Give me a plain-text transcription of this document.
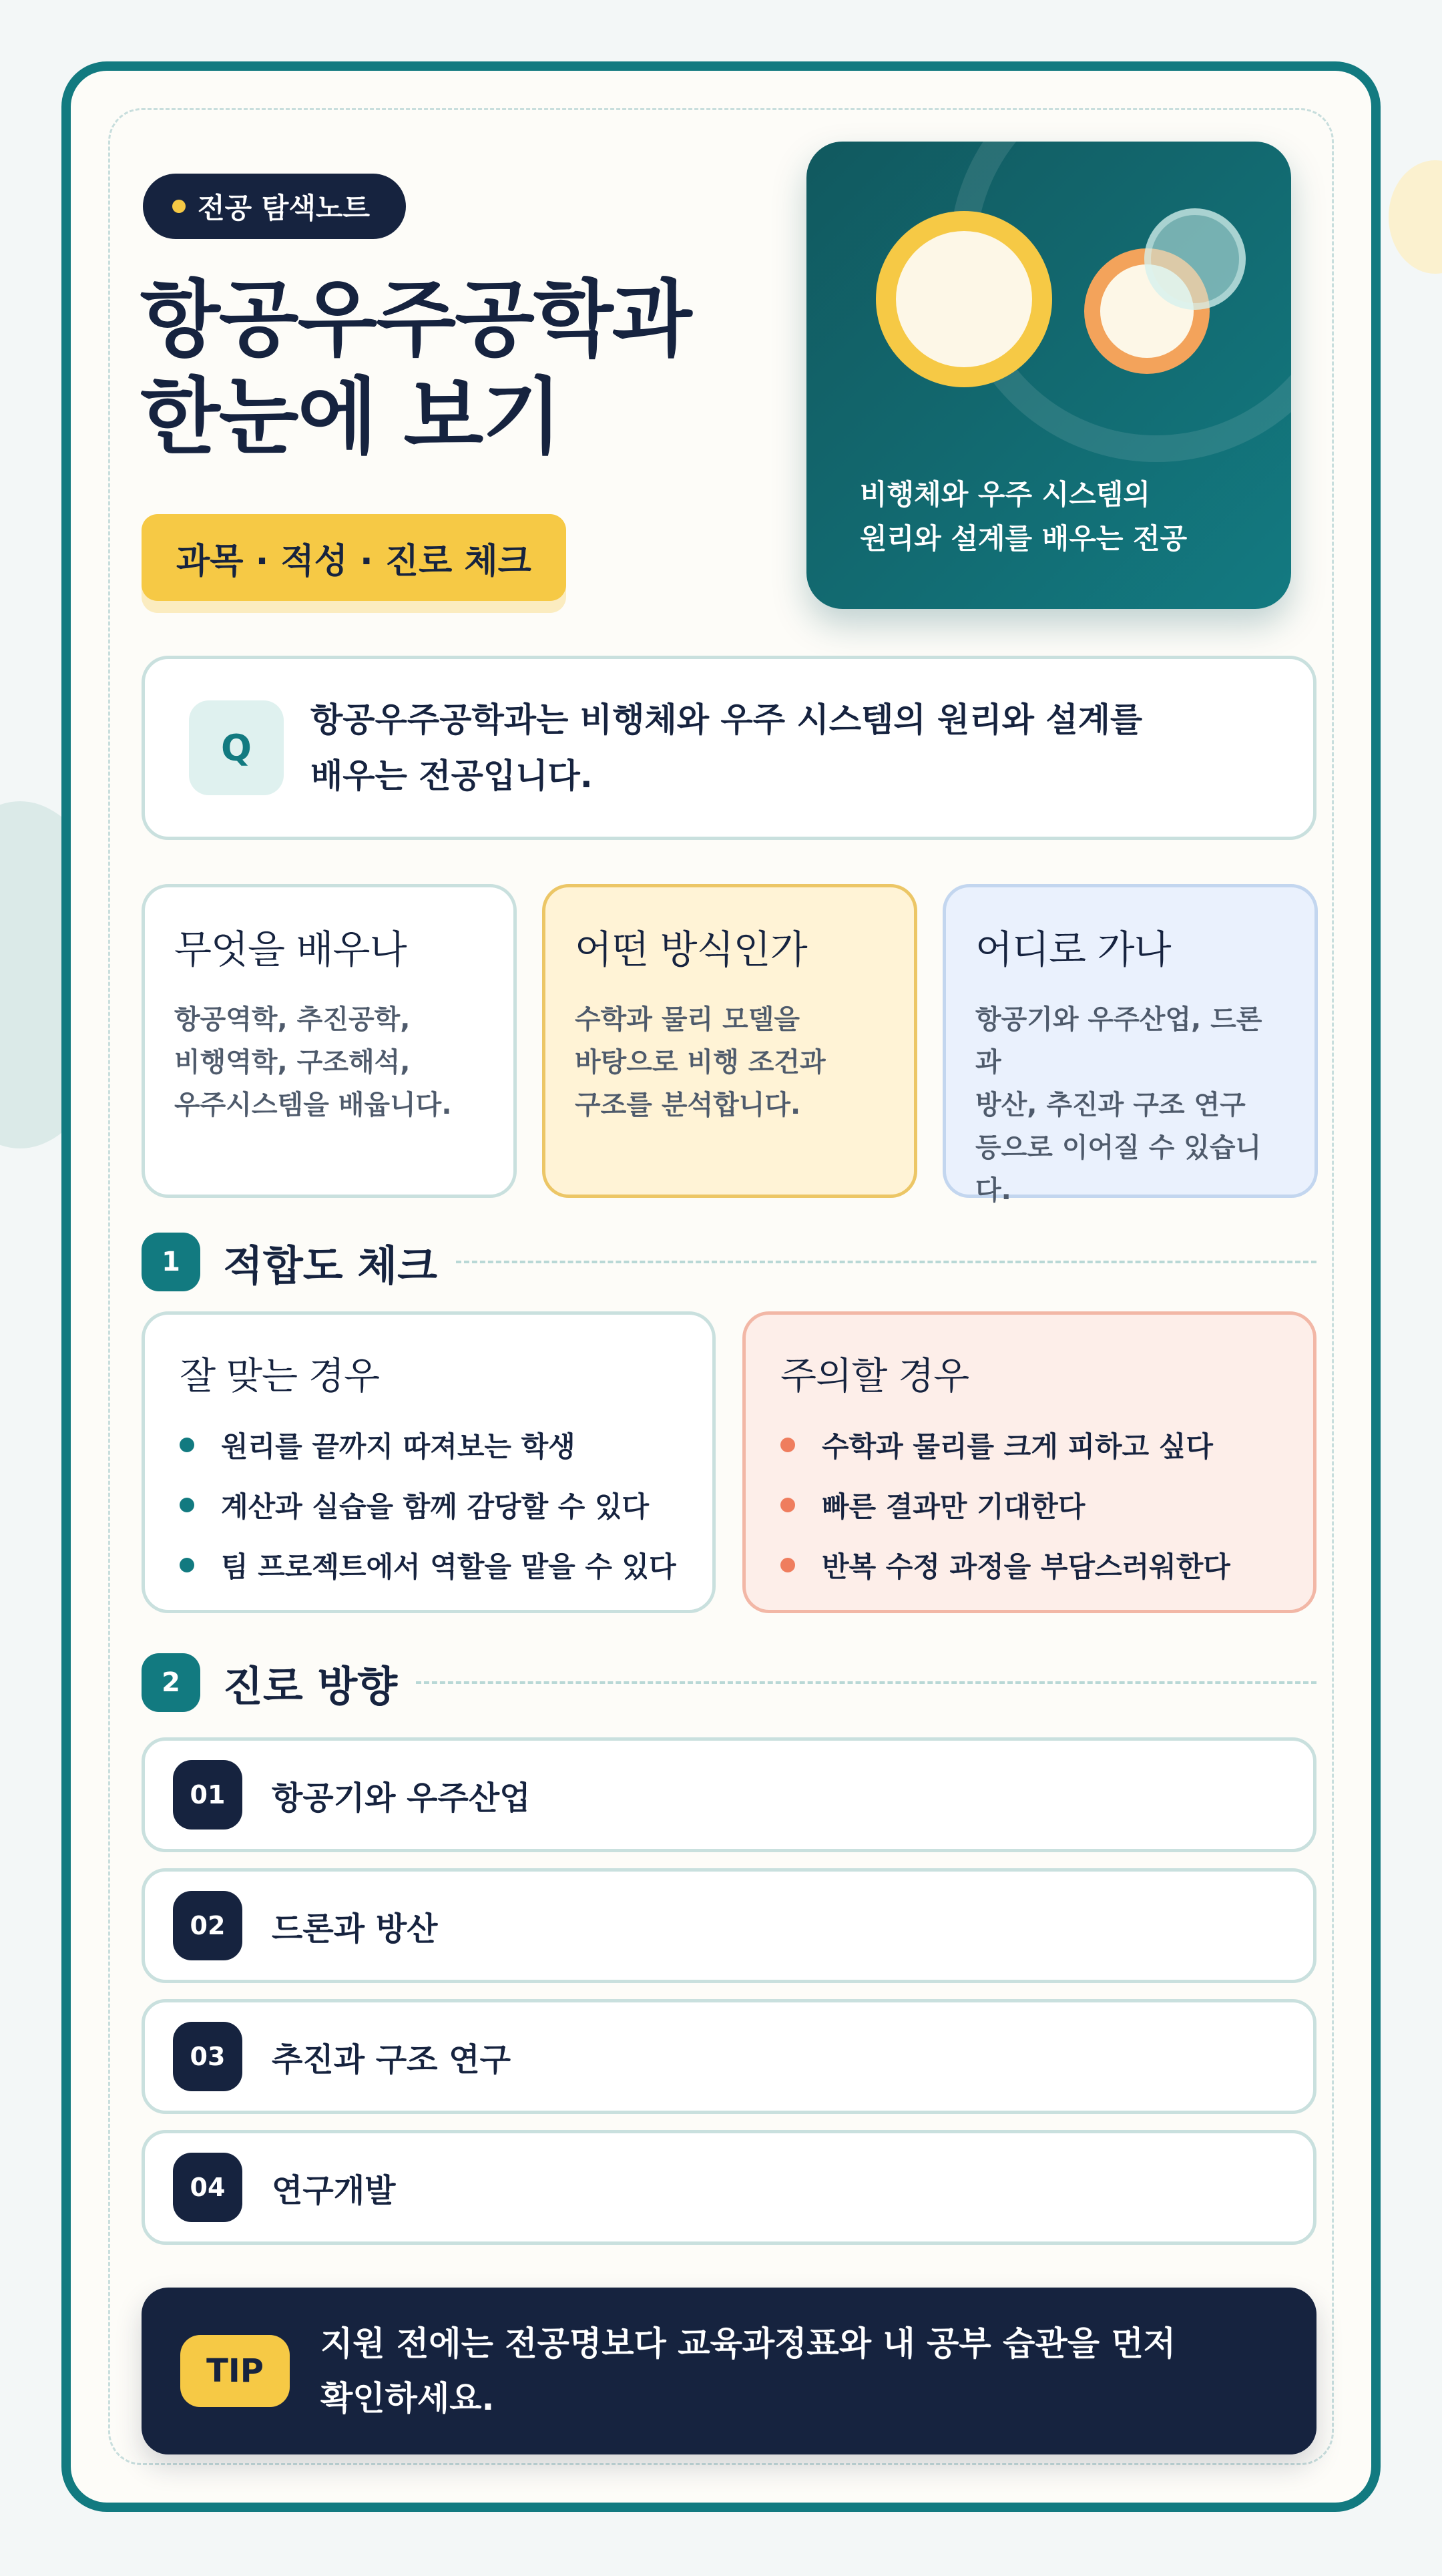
전공 탐색노트
항공우주공학과
한눈에 보기
과목 · 적성 · 진로 체크
비행체와 우주 시스템의
원리와 설계를 배우는 전공
Q
항공우주공학과는 비행체와 우주 시스템의 원리와 설계를
배우는 전공입니다.
무엇을 배우나

항공역학, 추진공학,
비행역학, 구조해석,
우주시스템을 배웁니다.

어떤 방식인가

수학과 물리 모델을
바탕으로 비행 조건과
구조를 분석합니다.

어디로 가나

항공기와 우주산업, 드론과
방산, 추진과 구조 연구
등으로 이어질 수 있습니다.

1	적합도 체크
잘 맞는 경우
원리를 끝까지 따져보는 학생
계산과 실습을 함께 감당할 수 있다
팀 프로젝트에서 역할을 맡을 수 있다
주의할 경우
수학과 물리를 크게 피하고 싶다
빠른 결과만 기대한다
반복 수정 과정을 부담스러워한다
2	진로 방향
01	항공기와 우주산업
02	드론과 방산
03	추진과 구조 연구
04	연구개발
TIP
지원 전에는 전공명보다 교육과정표와 내 공부 습관을 먼저
확인하세요.
